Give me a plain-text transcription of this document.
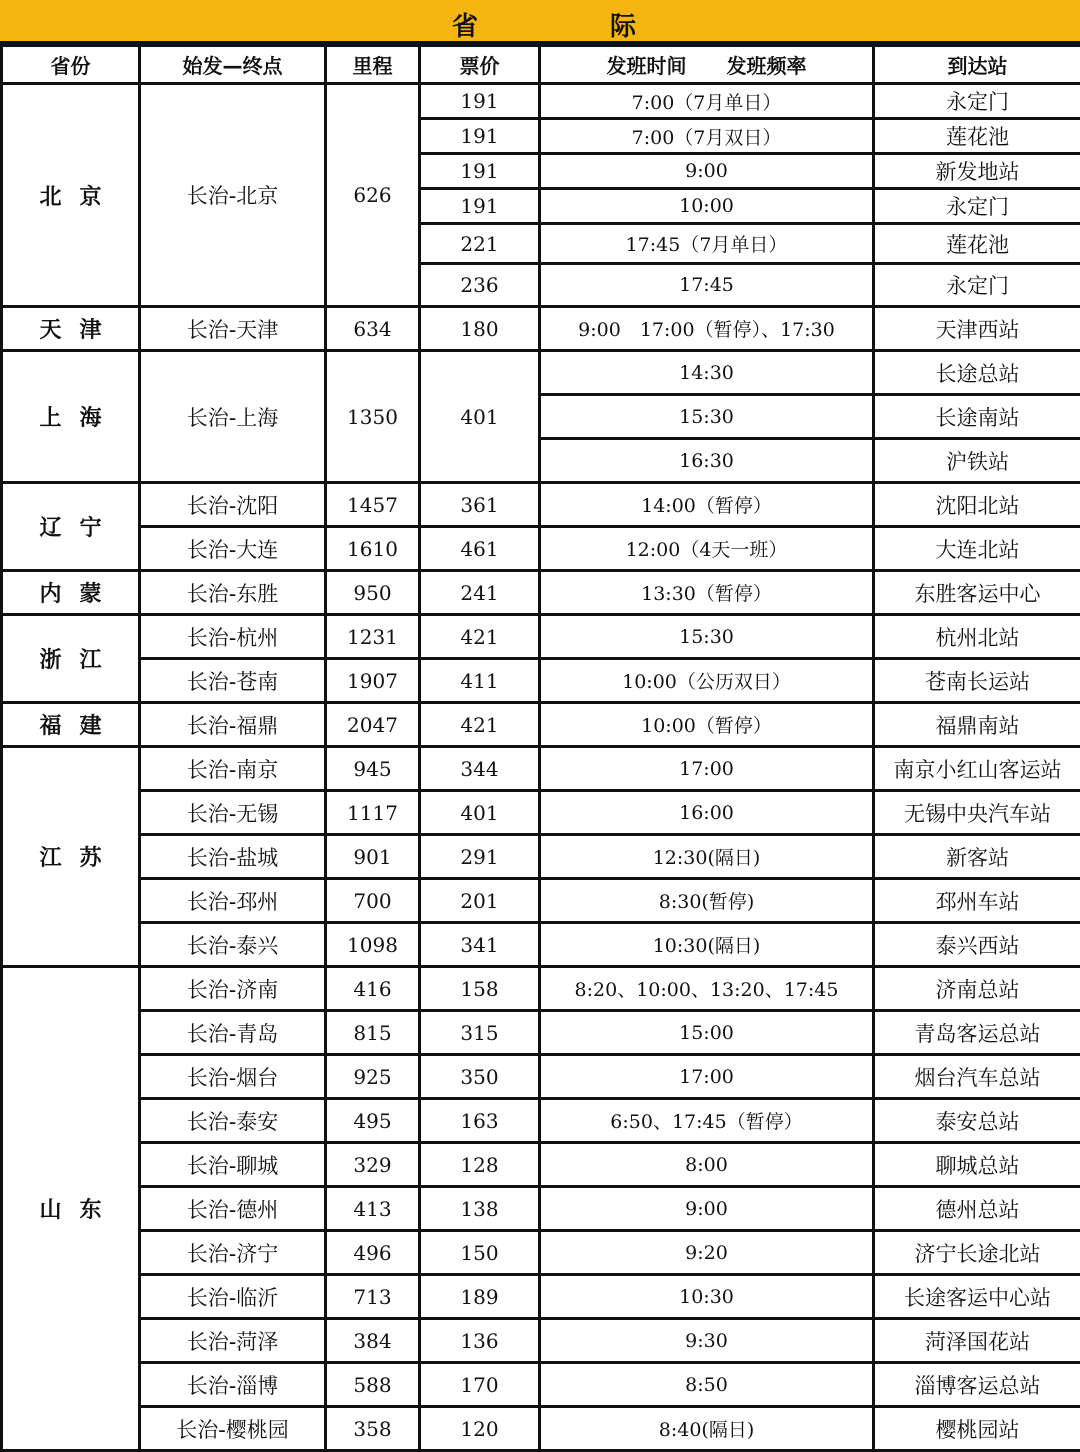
省	际
省份	始发—终点	里程	票价	发班时间　　发班频率	到达站
北京	长治-北京	626	191	7:00（7月单日）	永定门
			191	7:00（7月双日）	莲花池
			191	9:00	新发地站
			191	10:00	永定门
			221	17:45（7月单日）	莲花池
			236	17:45	永定门
天津	长治-天津	634	180	9:00　17:00（暂停）、17:30	天津西站
上海	长治-上海	1350	401	14:30	长途总站
				15:30	长途南站
				16:30	沪铁站
辽宁	长治-沈阳	1457	361	14:00（暂停）	沈阳北站
	长治-大连	1610	461	12:00（4天一班）	大连北站
内蒙	长治-东胜	950	241	13:30（暂停）	东胜客运中心
浙江	长治-杭州	1231	421	15:30	杭州北站
	长治-苍南	1907	411	10:00（公历双日）	苍南长运站
福建	长治-福鼎	2047	421	10:00（暂停）	福鼎南站
江苏	长治-南京	945	344	17:00	南京小红山客运站
	长治-无锡	1117	401	16:00	无锡中央汽车站
	长治-盐城	901	291	12:30(隔日)	新客站
	长治-邳州	700	201	8:30(暂停)	邳州车站
	长治-泰兴	1098	341	10:30(隔日)	泰兴西站
山东	长治-济南	416	158	8:20、10:00、13:20、17:45	济南总站
	长治-青岛	815	315	15:00	青岛客运总站
	长治-烟台	925	350	17:00	烟台汽车总站
	长治-泰安	495	163	6:50、17:45（暂停）	泰安总站
	长治-聊城	329	128	8:00	聊城总站
	长治-德州	413	138	9:00	德州总站
	长治-济宁	496	150	9:20	济宁长途北站
	长治-临沂	713	189	10:30	长途客运中心站
	长治-菏泽	384	136	9:30	菏泽国花站
	长治-淄博	588	170	8:50	淄博客运总站
	长治-樱桃园	358	120	8:40(隔日)	樱桃园站
